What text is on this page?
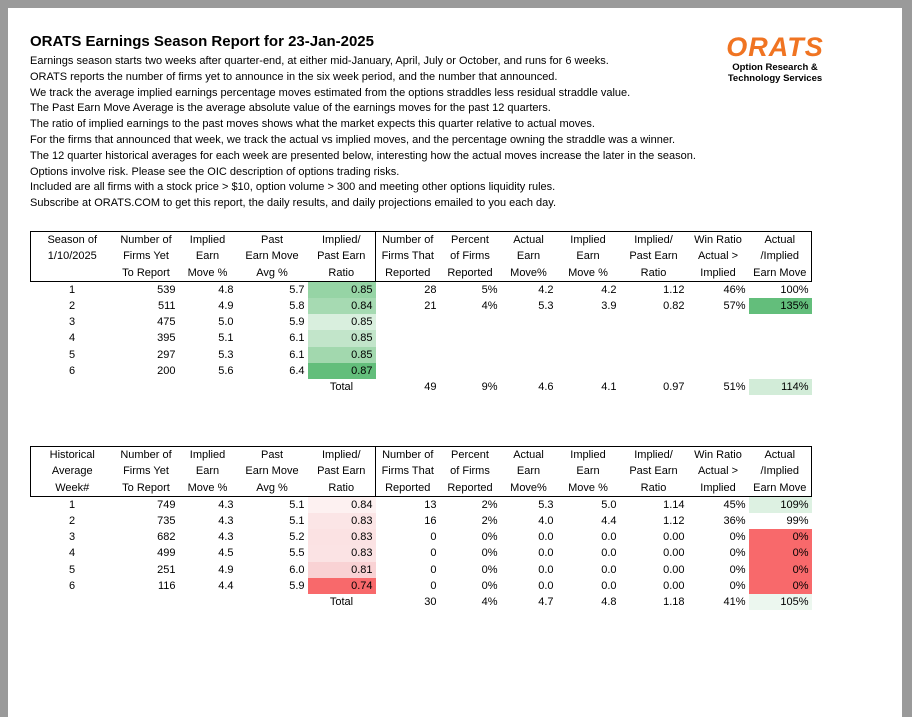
ORATS Earnings Season Report for 23-Jan-2025
Earnings season starts two weeks after quarter-end, at either mid-January, April, July or October, and runs for 6 weeks.
ORATS reports the number of firms yet to announce in the six week period, and the number that announced.
We track the average implied earnings percentage moves estimated from the options straddles less residual straddle value.
The Past Earn Move Average is the average absolute value of the earnings moves for the past 12 quarters.
The ratio of implied earnings to the past moves shows what the market expects this quarter relative to actual moves.
For the firms that announced that week, we track the actual vs implied moves, and the percentage owning the straddle was a winner.
The 12 quarter historical averages for each week are presented below, interesting how the actual moves increase the later in the season.
Options involve risk. Please see the OIC description of options trading risks.
Included are all firms with a stock price > $10, option volume > 300 and meeting other options liquidity rules.
Subscribe at ORATS.COM to get this report, the daily results, and daily projections emailed to you each day.
ORATS
Option Research &
Technology Services
Season of	Number of	Implied	Past	Implied/	Number of	Percent	Actual	Implied	Implied/	Win Ratio	Actual
1/10/2025	Firms Yet	Earn	Earn Move	Past Earn	Firms That	of Firms	Earn	Earn	Past Earn	Actual >	/Implied
	To Report	Move %	Avg %	Ratio	Reported	Reported	Move%	Move %	Ratio	Implied	Earn Move
1	539	4.8	5.7	0.85	28	5%	4.2	4.2	1.12	46%	100%
2	511	4.9	5.8	0.84	21	4%	5.3	3.9	0.82	57%	135%
3	475	5.0	5.9	0.85							
4	395	5.1	6.1	0.85							
5	297	5.3	6.1	0.85							
6	200	5.6	6.4	0.87							
				Total	49	9%	4.6	4.1	0.97	51%	114%
Historical	Number of	Implied	Past	Implied/	Number of	Percent	Actual	Implied	Implied/	Win Ratio	Actual
Average	Firms Yet	Earn	Earn Move	Past Earn	Firms That	of Firms	Earn	Earn	Past Earn	Actual >	/Implied
Week#	To Report	Move %	Avg %	Ratio	Reported	Reported	Move%	Move %	Ratio	Implied	Earn Move
1	749	4.3	5.1	0.84	13	2%	5.3	5.0	1.14	45%	109%
2	735	4.3	5.1	0.83	16	2%	4.0	4.4	1.12	36%	99%
3	682	4.3	5.2	0.83	0	0%	0.0	0.0	0.00	0%	0%
4	499	4.5	5.5	0.83	0	0%	0.0	0.0	0.00	0%	0%
5	251	4.9	6.0	0.81	0	0%	0.0	0.0	0.00	0%	0%
6	116	4.4	5.9	0.74	0	0%	0.0	0.0	0.00	0%	0%
				Total	30	4%	4.7	4.8	1.18	41%	105%
